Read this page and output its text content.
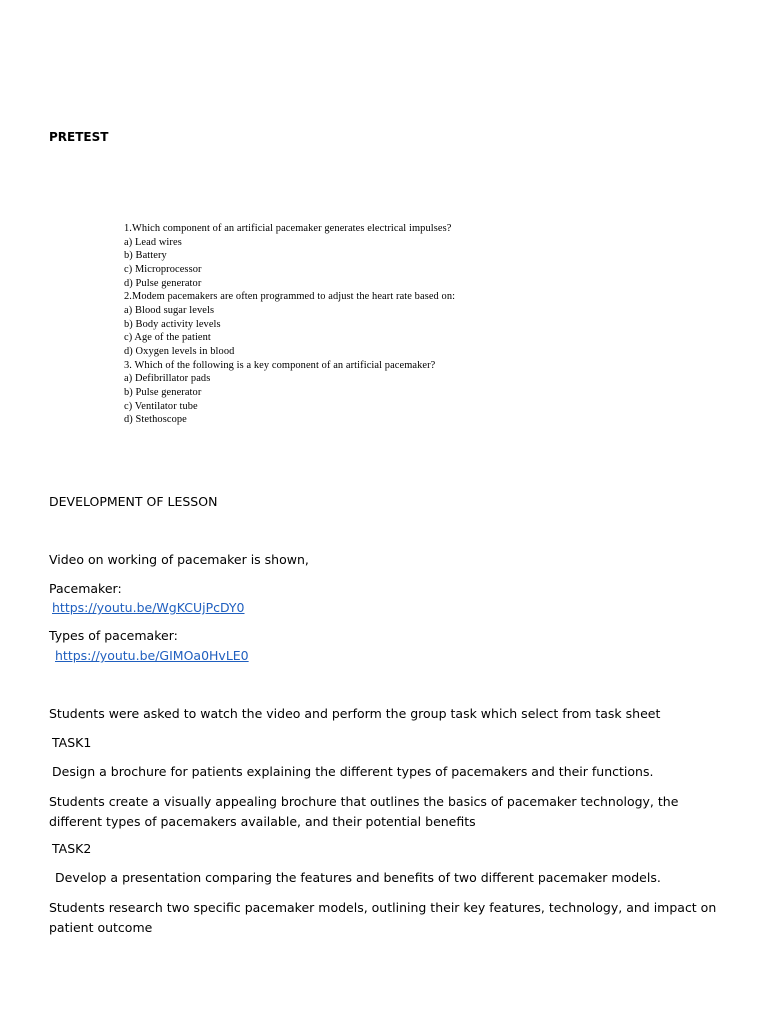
PRETEST
1.Which component of an artificial pacemaker generates electrical impulses?
a) Lead wires
b) Battery
c) Microprocessor
d) Pulse generator
2.Modem pacemakers are often programmed to adjust the heart rate based on:
a) Blood sugar levels
b) Body activity levels
c) Age of the patient
d) Oxygen levels in blood
3. Which of the following is a key component of an artificial pacemaker?
a) Defibrillator pads
b) Pulse generator
c) Ventilator tube
d) Stethoscope
DEVELOPMENT OF LESSON
Video on working of pacemaker is shown,
Pacemaker:
https://youtu.be/WgKCUjPcDY0
Types of pacemaker:
https://youtu.be/GIMOa0HvLE0
Students were asked to watch the video and perform the group task which select from task sheet
TASK1
Design a brochure for patients explaining the different types of pacemakers and their functions.
Students create a visually appealing brochure that outlines the basics of pacemaker technology, the different types of pacemakers available, and their potential benefits
TASK2
Develop a presentation comparing the features and benefits of two different pacemaker models.
Students research two specific pacemaker models, outlining their key features, technology, and impact on patient outcome
